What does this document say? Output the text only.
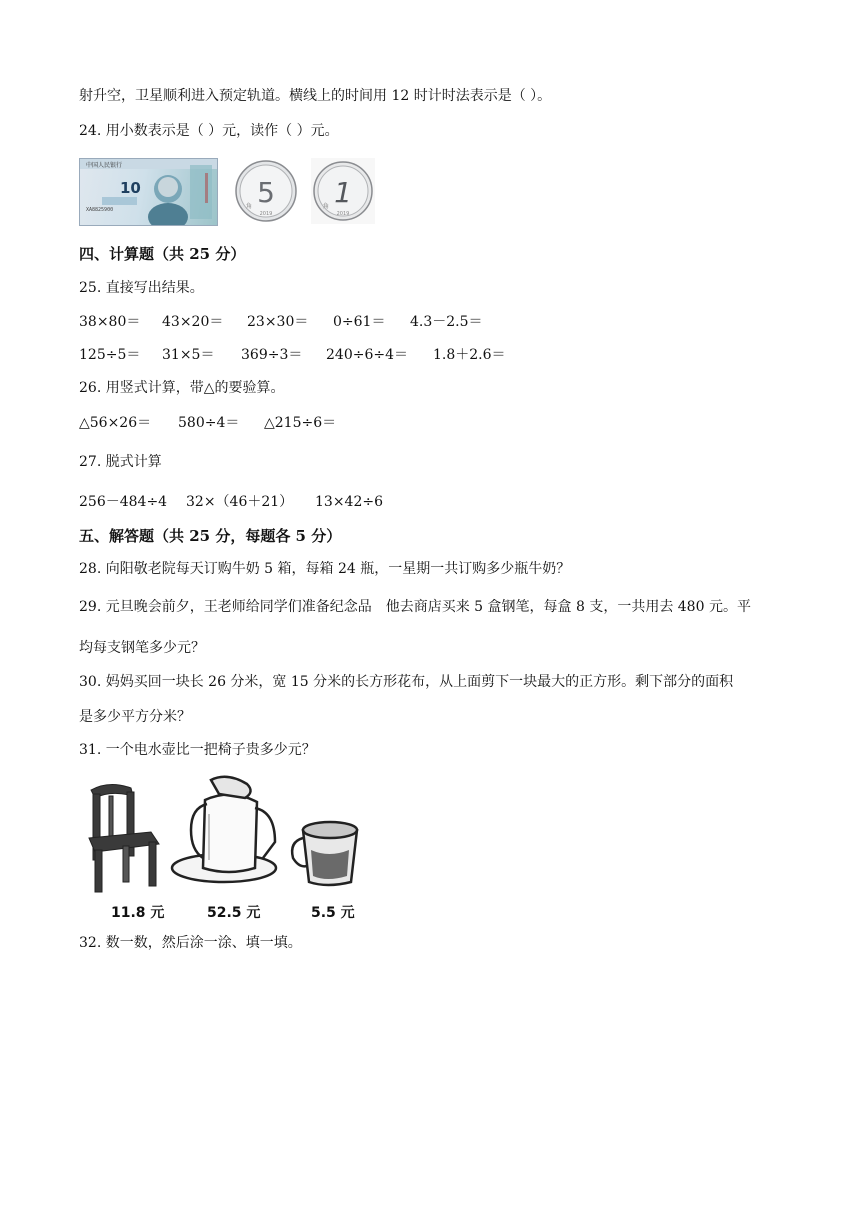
射升空，卫星顺利进入预定轨道。横线上的时间用 12 时计时法表示是（ ）。
24. 用小数表示是（ ）元，读作（ ）元。
中国人民银行
10
XA8825900
5
角
2019
1
角
2019
四、计算题（共 25 分）
25. 直接写出结果。
38×80＝ 43×20＝ 23×30＝ 0÷61＝ 4.3－2.5＝
125÷5＝ 31×5＝ 369÷3＝ 240÷6÷4＝ 1.8＋2.6＝
26. 用竖式计算，带△的要验算。
△56×26＝ 580÷4＝ △215÷6＝
27. 脱式计算
256－484÷4 32×（46＋21） 13×42÷6
五、解答题（共 25 分，每题各 5 分）
28. 向阳敬老院每天订购牛奶 5 箱，每箱 24 瓶，一星期一共订购多少瓶牛奶？
29. 元旦晚会前夕，王老师给同学们准备纪念品　他去商店买来 5 盒钢笔，每盒 8 支，一共用去 480 元。平
均每支钢笔多少元？
30. 妈妈买回一块长 26 分米，宽 15 分米的长方形花布，从上面剪下一块最大的正方形。剩下部分的面积
是多少平方分米？
31. 一个电水壶比一把椅子贵多少元？
11.8 元	52.5 元	5.5 元
32. 数一数，然后涂一涂、填一填。
